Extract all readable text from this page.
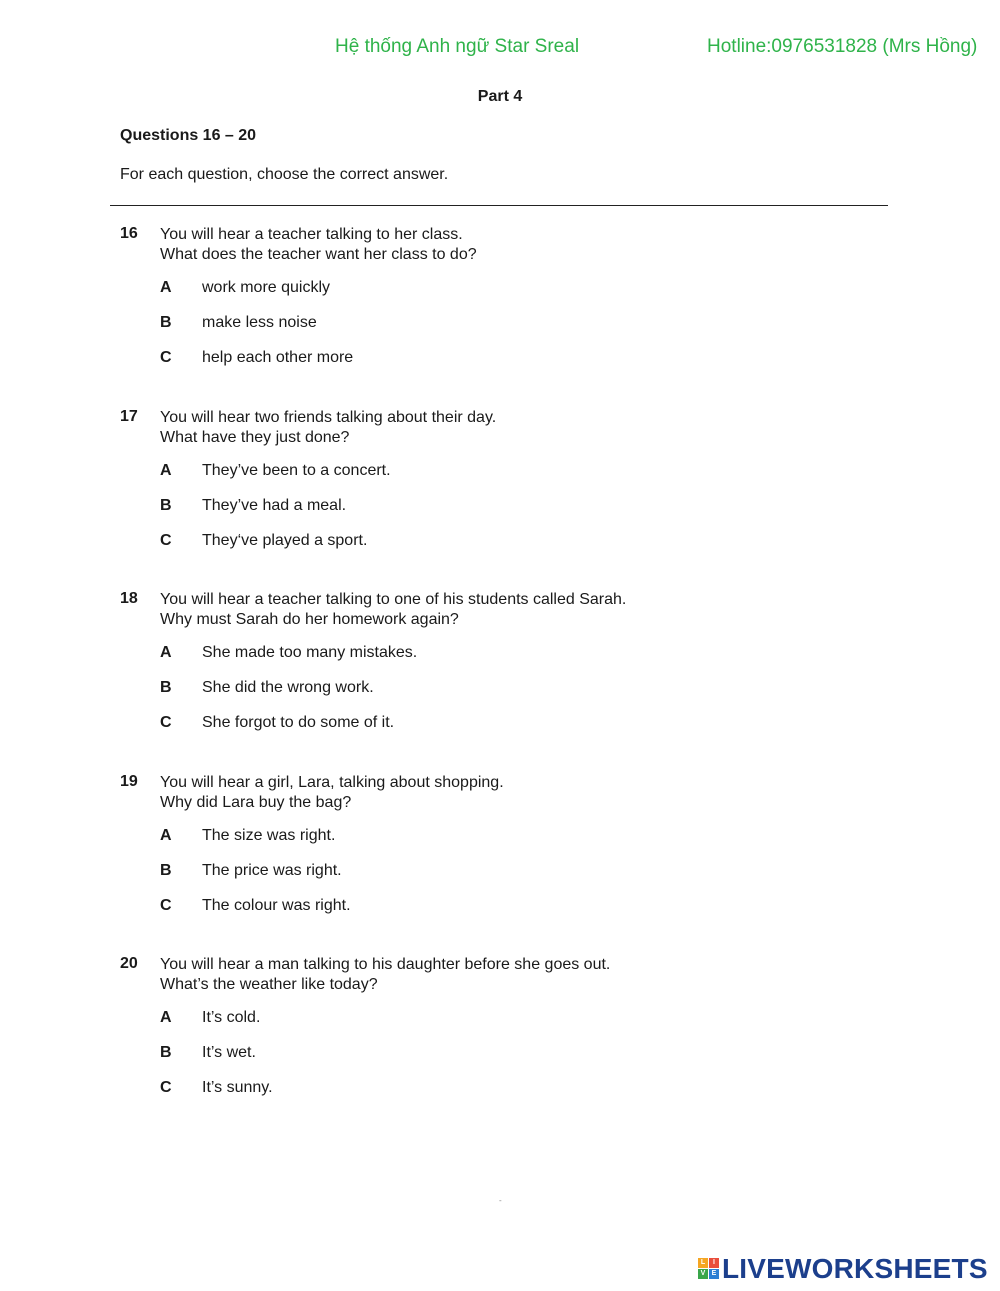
Hệ thống Anh ngữ Star Sreal	Hotline:0976531828 (Mrs Hồng)
Part 4
Questions 16 – 20
For each question, choose the correct answer.
16 You will hear a teacher talking to her class.
What does the teacher want her class to do?
A work more quickly
B make less noise
C help each other more
17 You will hear two friends talking about their day.
What have they just done?
A They’ve been to a concert.
B They’ve had a meal.
C They‘ve played a sport.
18 You will hear a teacher talking to one of his students called Sarah.
Why must Sarah do her homework again?
A She made too many mistakes.
B She did the wrong work.
C She forgot to do some of it.
19 You will hear a girl, Lara, talking about shopping.
Why did Lara buy the bag?
A The size was right.
B The price was right.
C The colour was right.
20 You will hear a man talking to his daughter before she goes out.
What’s the weather like today?
A It’s cold.
B It’s wet.
C It’s sunny.
-
L	I
V E LIVEWORKSHEETS
